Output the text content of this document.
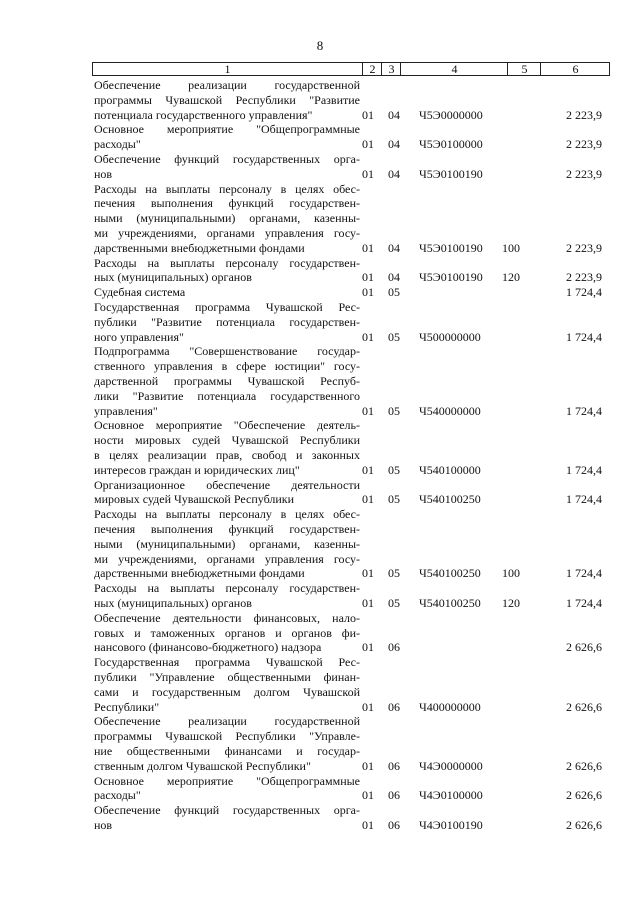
8
1	2	3	4	5	6
Обеспечение реализации государственной
программы Чувашской Республики "Развитие
потенциала государственного управления"	01 04 Ч5Э0000000	2 223,9
Основное мероприятие "Общепрограммные
расходы"	01 04 Ч5Э0100000	2 223,9
Обеспечение функций государственных орга-
нов	01 04 Ч5Э0100190	2 223,9
Расходы на выплаты персоналу в целях обес-
печения выполнения функций государствен-
ными (муниципальными) органами, казенны-
ми учреждениями, органами управления госу-
дарственными внебюджетными фондами	01 04 Ч5Э0100190 100	2 223,9
Расходы на выплаты персоналу государствен-
ных (муниципальных) органов	01 04 Ч5Э0100190 120	2 223,9
Судебная система	01 05	1 724,4
Государственная программа Чувашской Рес-
публики "Развитие потенциала государствен-
ного управления"	01 05 Ч500000000	1 724,4
Подпрограмма "Совершенствование государ-
ственного управления в сфере юстиции" госу-
дарственной программы Чувашской Респуб-
лики "Развитие потенциала государственного
управления"	01 05 Ч540000000	1 724,4
Основное мероприятие "Обеспечение деятель-
ности мировых судей Чувашской Республики
в целях реализации прав, свобод и законных
интересов граждан и юридических лиц"	01 05 Ч540100000	1 724,4
Организационное обеспечение деятельности
мировых судей Чувашской Республики	01 05 Ч540100250	1 724,4
Расходы на выплаты персоналу в целях обес-
печения выполнения функций государствен-
ными (муниципальными) органами, казенны-
ми учреждениями, органами управления госу-
дарственными внебюджетными фондами	01 05 Ч540100250 100	1 724,4
Расходы на выплаты персоналу государствен-
ных (муниципальных) органов	01 05 Ч540100250 120	1 724,4
Обеспечение деятельности финансовых, нало-
говых и таможенных органов и органов фи-
нансового (финансово-бюджетного) надзора	01 06	2 626,6
Государственная программа Чувашской Рес-
публики "Управление общественными финан-
сами и государственным долгом Чувашской
Республики"	01 06 Ч400000000	2 626,6
Обеспечение реализации государственной
программы Чувашской Республики "Управле-
ние общественными финансами и государ-
ственным долгом Чувашской Республики"	01 06 Ч4Э0000000	2 626,6
Основное мероприятие "Общепрограммные
расходы"	01 06 Ч4Э0100000	2 626,6
Обеспечение функций государственных орга-
нов	01 06 Ч4Э0100190	2 626,6
